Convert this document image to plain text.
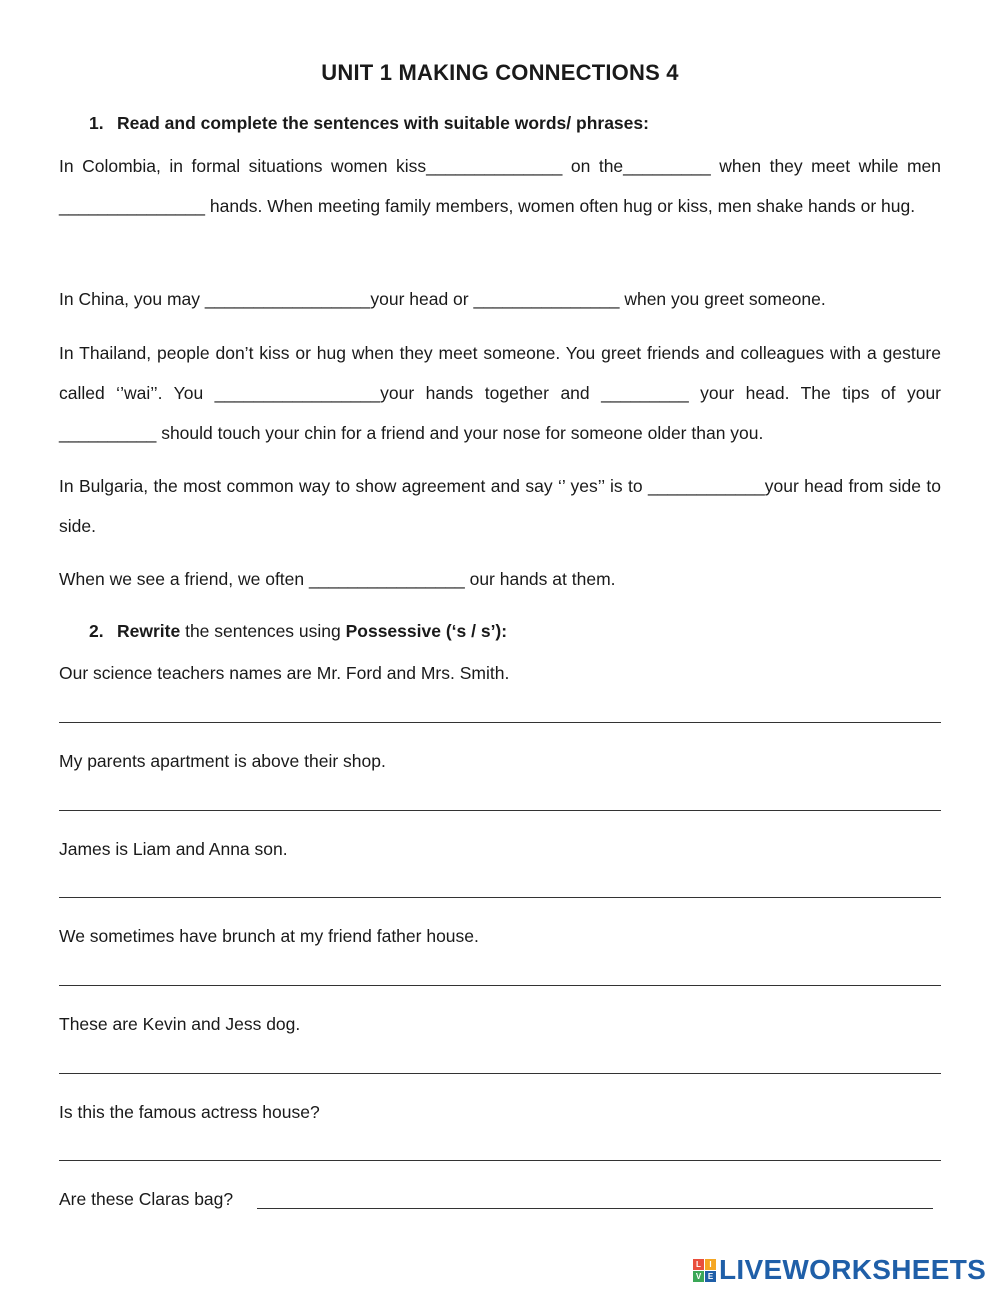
UNIT 1 MAKING CONNECTIONS 4
1. Read and complete the sentences with suitable words/ phrases:
In Colombia, in formal situations women kiss______________ on the_________ when they meet while men _______________ hands. When meeting family members, women often hug or kiss, men shake hands or hug.
In China, you may _________________your head or _______________ when you greet someone.
In Thailand, people don’t kiss or hug when they meet someone. You greet friends and colleagues with a gesture called ‘’wai’’. You _________________your hands together and _________ your head. The tips of your __________ should touch your chin for a friend and your nose for someone older than you.
In Bulgaria, the most common way to show agreement and say ‘’ yes’’ is to ____________your head from side to side.
When we see a friend, we often ________________ our hands at them.
2. Rewrite the sentences using Possessive (‘s / s’):
Our science teachers names are Mr. Ford and Mrs. Smith.
My parents apartment is above their shop.
James is Liam and Anna son.
We sometimes have brunch at my friend father house.
These are Kevin and Jess dog.
Is this the famous actress house?
Are these Claras bag?
L	I
V E LIVEWORKSHEETS
